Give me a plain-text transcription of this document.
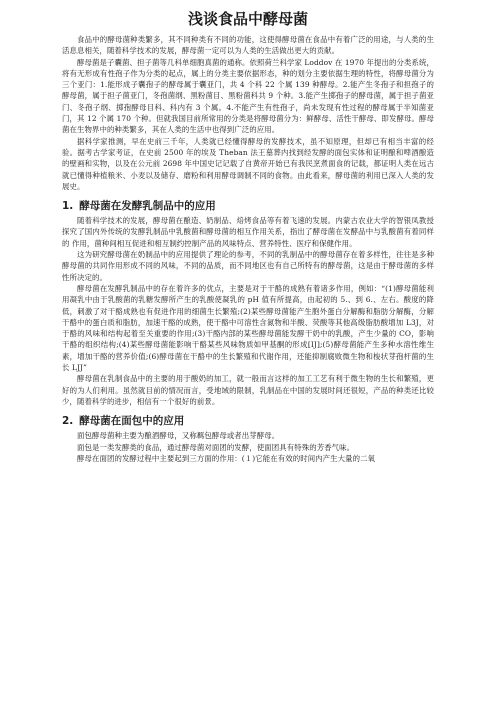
浅谈食品中酵母菌

食品中的酵母菌种类繁多，其不同种类有不同的功能，这使得酵母菌在食品中有着广泛的用途，与人类的生活息息相关，随着科学技术的发展，酵母菌一定可以为人类的生活做出更大的贡献。

酵母菌是子囊菌、担子菌等几科单细胞真菌的通称。依照荷兰科学家 Loddov 在 1970 年提出的分类系统，将有无形成有性孢子作为分类的起点，属上的分类主要依据形态，种的划分主要依据生理的特性，将酵母菌分为三个亚门：1.能形成子囊孢子的酵母属于囊亚门，共 4 个科 22 个属 139 种酵母。2.能产生冬孢子和担孢子的酵母菌，属于担子菌亚门，冬孢菌纲、黑粉菌目、黑粉菌科共 9 个种。3.能产生掷孢子的酵母菌，属于担子菌亚门、冬孢子纲、掷孢酵母目科、科内有 3 个属。4.不能产生有性孢子，尚未发现有性过程的酵母属于半知菌亚门，其 12 个属 170 个种。但就我国目前所常用的分类是将酵母菌分为：鲜酵母、活性干酵母、即发酵母。酵母菌在生物界中的种类繁多，其在人类的生活中也得到广泛的应用。

据科学家推测，早在史前三千年，人类就已经懂得酵母的发酵技术，虽不知原理，但却已有相当丰富的经验。据考古学家考证，在史前 2500 年的埃及 Theban 法王墓葬内找到经发酵的面包实体和证明酿和啤酒酿造的壁画和实物，以及在公元前 2698 年中国史记记载了自黄帝开始已有我民烹煮面食的记载，都证明人类在远古就已懂得种植粮米、小麦以及储存、磨粉和利用酵母调制不同的食物。由此看来，酵母菌的利用已深入人类的发展史。

1. 酵母菌在发酵乳制品中的应用

随着科学技术的发展，酵母菌在酿造、奶制品、焙烤食品等有着飞速的发展。内蒙古农业大学的智银凤教授探究了国内外传统的发酵乳制品中乳酸菌和酵母菌的相互作用关系，指出了酵母菌在发酵品中与乳酸菌有着同样的 作用，菌种间相互促进和相互制约控制产品的风味特点、营养特性、医疗和保健作用。

这为研究酵母菌在奶制品中的应用提供了理论的参考，不同的乳制品中的酵母菌存在着多样性，往往是多种酵母菌的共同作用形成不同的风味，不同的品质，而不同地区也有自己所特有的酵母菌，这是由于酵母菌的多样性所决定的。

酵母菌在发酵乳制品中的存在着许多的优点，主要是对于干酪的成熟有着诸多作用，例如：“(1)酵母菌能利用凝乳中由于乳酸菌的乳糖发酵所产生的乳酸使凝乳的 pH 值有所提高，由起初的 5.、到 6.、左右。酸度的降低，刺激了对干酪成熟也有促进作用的细菌生长繁殖;(2)某些酵母菌能产生胞外蛋白分解酶和脂肪分解酶，分解干酪中的蛋白质和脂肪，加速干酪的成熟，使干酪中可溶性含氮物和半酸、荧酸等其他高级脂肪酸增加 L3J，对于酪的风味和结构起着至关重要的作用;(3)干酪内部的某些酵母菌能发酵干奶中的乳酸，产生少量的 CO，影响干酪的组织结构;(4)某些酵母菌能影响干酪某些风味物质如甲基酮的形成[IJ];(5)酵母菌能产生多种水溶性维生素，增加干酪的营养价值;(6)酵母菌在干酪中的生长繁殖和代谢作用，还能抑制腐败微生物和梭状芽孢杆菌的生长 LJJ”

酵母菌在乳制食品中的主要的用于酸奶的加工，就一般而言这样的加工工艺有利于微生物的生长和繁殖，更好的为人们利用。虽然就目前的情况而言，受地域的限制，乳制品在中国的发展时间还很短，产品的种类还比较少，随着科学的进步，相信有一个很好的前景。

2. 酵母菌在面包中的应用

面包酵母菌种主要为酿酒酵母，又称羁包酵母或者出芽酵母。

面包是一类发酵类的食品，通过酵母菌对面团的发酵，使面团具有特殊的芳香气味。

酵母在面团的发酵过程中主要起到三方面的作用：(１)它能在有效的时间内产生大量的二氧
